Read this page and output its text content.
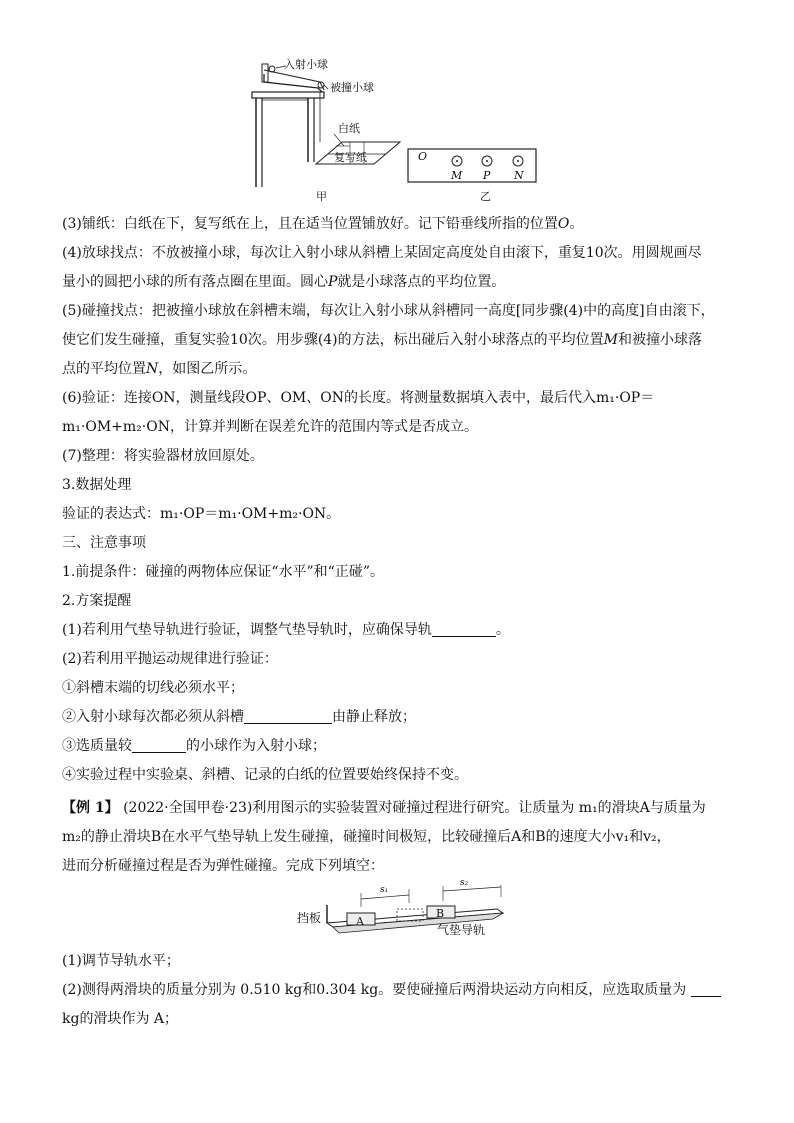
入射小球
被撞小球
白纸
复写纸
甲	乙
O
M P N
(3)铺纸：白纸在下，复写纸在上，且在适当位置铺放好。记下铅垂线所指的位置O。
(4)放球找点：不放被撞小球，每次让入射小球从斜槽上某固定高度处自由滚下，重复10次。用圆规画尽
量小的圆把小球的所有落点圈在里面。圆心P就是小球落点的平均位置。
(5)碰撞找点：把被撞小球放在斜槽末端，每次让入射小球从斜槽同一高度[同步骤(4)中的高度]自由滚下，
使它们发生碰撞，重复实验10次。用步骤(4)的方法，标出碰后入射小球落点的平均位置M和被撞小球落
点的平均位置N，如图乙所示。
(6)验证：连接ON，测量线段OP、OM、ON的长度。将测量数据填入表中，最后代入m₁·OP＝
m₁·OM+m₂·ON，计算并判断在误差允许的范围内等式是否成立。
(7)整理：将实验器材放回原处。
3.数据处理
验证的表达式：m₁·OP＝m₁·OM+m₂·ON。
三、注意事项
1.前提条件：碰撞的两物体应保证“水平”和“正碰”。
2.方案提醒
(1)若利用气垫导轨进行验证，调整气垫导轨时，应确保导轨	。
(2)若利用平抛运动规律进行验证：
①斜槽末端的切线必须水平；
②入射小球每次都必须从斜槽	由静止释放；
③选质量较	的小球作为入射小球；
④实验过程中实验桌、斜槽、记录的白纸的位置要始终保持不变。
【例 1】 (2022·全国甲卷·23)利用图示的实验装置对碰撞过程进行研究。让质量为 m₁的滑块A与质量为
m₂的静止滑块B在水平气垫导轨上发生碰撞，碰撞时间极短，比较碰撞后A和B的速度大小v₁和v₂，
进而分析碰撞过程是否为弹性碰撞。完成下列填空：
挡板
气垫导轨
A
B
s₁
s₂
(1)调节导轨水平；
(2)测得两滑块的质量分别为 0.510 kg和0.304 kg。要使碰撞后两滑块运动方向相反，应选取质量为
kg的滑块作为 A；
